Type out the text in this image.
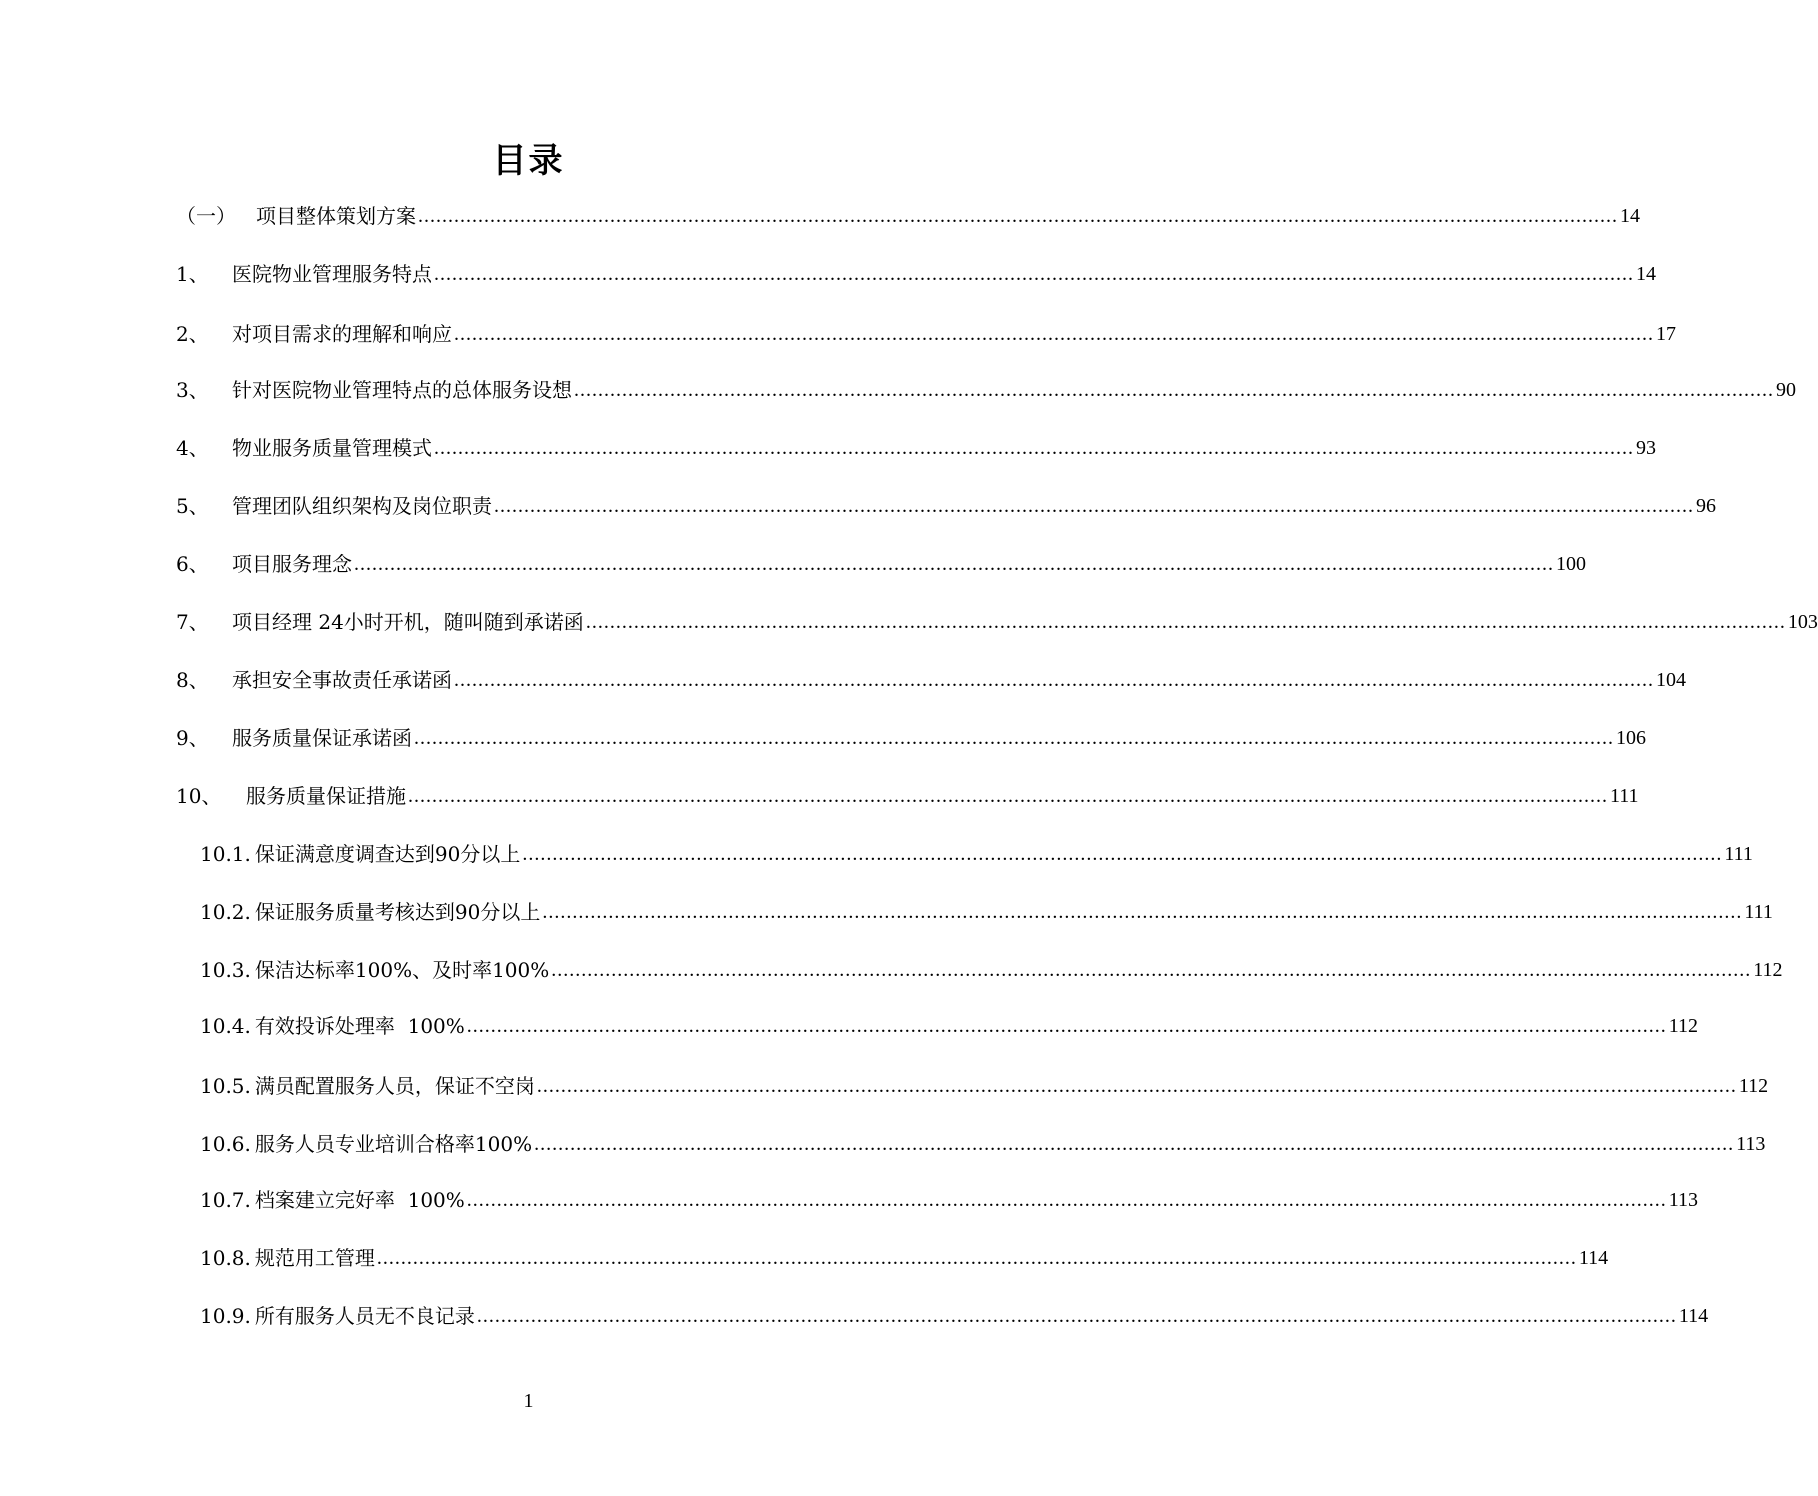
目录
（一）	项目整体策划方案 ........................................................................................................................................................................................................ 14
1、	医院物业管理服务特点 ........................................................................................................................................................................................................ 14
2、	对项目需求的理解和响应 ........................................................................................................................................................................................................ 17
3、	针对医院物业管理特点的总体服务设想 ........................................................................................................................................................................................................ 90
4、	物业服务质量管理模式 ........................................................................................................................................................................................................ 93
5、	管理团队组织架构及岗位职责 ........................................................................................................................................................................................................ 96
6、	项目服务理念 ........................................................................................................................................................................................................ 100
7、	项目经理 24小时开机，随叫随到承诺函 ........................................................................................................................................................................................................ 103
8、	承担安全事故责任承诺函 ........................................................................................................................................................................................................ 104
9、	服务质量保证承诺函 ........................................................................................................................................................................................................ 106
10、	服务质量保证措施 ........................................................................................................................................................................................................ 111
10.1. 保证满意度调查达到90分以上 ........................................................................................................................................................................................................ 111
10.2. 保证服务质量考核达到90分以上 ........................................................................................................................................................................................................ 111
10.3. 保洁达标率100%、及时率100% ........................................................................................................................................................................................................ 112
10.4. 有效投诉处理率  100% ........................................................................................................................................................................................................ 112
10.5. 满员配置服务人员，保证不空岗 ........................................................................................................................................................................................................ 112
10.6. 服务人员专业培训合格率100% ........................................................................................................................................................................................................ 113
10.7. 档案建立完好率  100% ........................................................................................................................................................................................................ 113
10.8. 规范用工管理 ........................................................................................................................................................................................................ 114
10.9. 所有服务人员无不良记录 ........................................................................................................................................................................................................ 114
1
